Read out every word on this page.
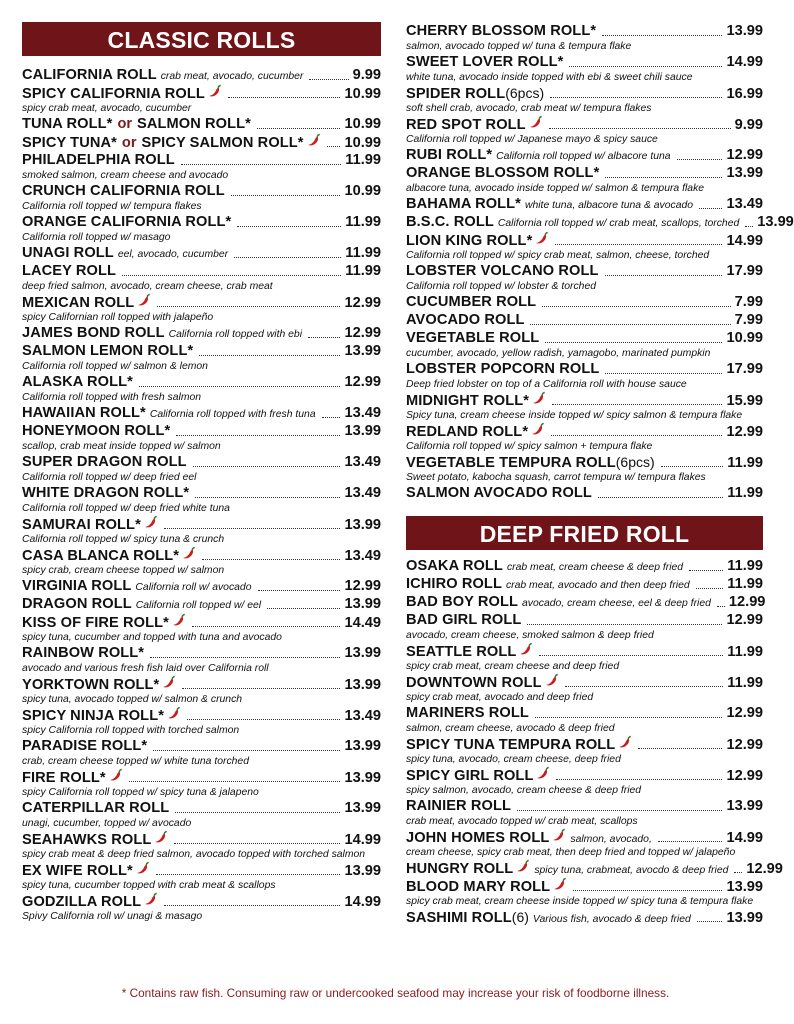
CLASSIC ROLLS
CALIFORNIA ROLL crab meat, avocado, cucumber	9.99
SPICY CALIFORNIA ROLL	10.99
spicy crab meat, avocado, cucumber
TUNA ROLL* or SALMON ROLL*	10.99
SPICY TUNA* or SPICY SALMON ROLL*	10.99
PHILADELPHIA ROLL	11.99
smoked salmon, cream cheese and avocado
CRUNCH CALIFORNIA ROLL	10.99
California roll topped w/ tempura flakes
ORANGE CALIFORNIA ROLL*	11.99
California roll topped w/ masago
UNAGI ROLL eel, avocado, cucumber	11.99
LACEY ROLL	11.99
deep fried salmon, avocado, cream cheese, crab meat
MEXICAN ROLL	12.99
spicy Californian roll topped with jalapeño
JAMES BOND ROLL California roll topped with ebi	12.99
SALMON LEMON ROLL*	13.99
California roll topped w/ salmon & lemon
ALASKA ROLL*	12.99
California roll topped with fresh salmon
HAWAIIAN ROLL* California roll topped with fresh tuna 13.49
HONEYMOON ROLL*	13.99
scallop, crab meat inside topped w/ salmon
SUPER DRAGON ROLL	13.49
California roll topped w/ deep fried eel
WHITE DRAGON ROLL*	13.49
California roll topped w/ deep fried white tuna
SAMURAI ROLL*	13.99
California roll topped w/ spicy tuna & crunch
CASA BLANCA ROLL*	13.49
spicy crab, cream cheese topped w/ salmon
VIRGINIA ROLL California roll w/ avocado	12.99
DRAGON ROLL California roll topped w/ eel	13.99
KISS OF FIRE ROLL*	14.49
spicy tuna, cucumber and topped with tuna and avocado
RAINBOW ROLL*	13.99
avocado and various fresh fish laid over California roll
YORKTOWN ROLL*	13.99
spicy tuna, avocado topped w/ salmon & crunch
SPICY NINJA ROLL*	13.49
spicy California roll topped with torched salmon
PARADISE ROLL*	13.99
crab, cream cheese topped w/ white tuna torched
FIRE ROLL*	13.99
spicy California roll topped w/ spicy tuna & jalapeno
CATERPILLAR ROLL	13.99
unagi, cucumber, topped w/ avocado
SEAHAWKS ROLL	14.99
spicy crab meat & deep fried salmon, avocado topped with torched salmon
EX WIFE ROLL*	13.99
spicy tuna, cucumber topped with crab meat & scallops
GODZILLA ROLL	14.99
Spivy California roll w/ unagi & masago
CHERRY BLOSSOM ROLL*	13.99
salmon, avocado topped w/ tuna & tempura flake
SWEET LOVER ROLL*	14.99
white tuna, avocado inside topped with ebi & sweet chili sauce
SPIDER ROLL (6pcs)	16.99
soft shell crab, avocado, crab meat w/ tempura flakes
RED SPOT ROLL	9.99
California roll topped w/ Japanese mayo & spicy sauce
RUBI ROLL* California roll topped w/ albacore tuna	12.99
ORANGE BLOSSOM ROLL*	13.99
albacore tuna, avocado inside topped w/ salmon & tempura flake
BAHAMA ROLL* white tuna, albacore tuna & avocado 13.49
B.S.C. ROLL California roll topped w/ crab meat, scallops, torched 13.99
LION KING ROLL*	14.99
California roll topped w/ spicy crab meat, salmon, cheese, torched
LOBSTER VOLCANO ROLL	17.99
California roll topped w/ lobster & torched
CUCUMBER ROLL	7.99
AVOCADO ROLL	7.99
VEGETABLE ROLL	10.99
cucumber, avocado, yellow radish, yamagobo, marinated pumpkin
LOBSTER POPCORN ROLL	17.99
Deep fried lobster on top of a California roll with house sauce
MIDNIGHT ROLL*	15.99
Spicy tuna, cream cheese inside topped w/ spicy salmon & tempura flake
REDLAND ROLL*	12.99
California roll topped w/ spicy salmon + tempura flake
VEGETABLE TEMPURA ROLL (6pcs)	11.99
Sweet potato, kabocha squash, carrot tempura w/ tempura flakes
SALMON AVOCADO ROLL	11.99
DEEP FRIED ROLL
OSAKA ROLL crab meat, cream cheese & deep fried	11.99
ICHIRO ROLL crab meat, avocado and then deep fried	11.99
BAD BOY ROLL avocado, cream cheese, eel & deep fried 12.99
BAD GIRL ROLL	12.99
avocado, cream cheese, smoked salmon & deep fried
SEATTLE ROLL	11.99
spicy crab meat, cream cheese and deep fried
DOWNTOWN ROLL	11.99
spicy crab meat, avocado and deep fried
MARINERS ROLL	12.99
salmon, cream cheese, avocado & deep fried
SPICY TUNA TEMPURA ROLL	12.99
spicy tuna, avocado, cream cheese, deep fried
SPICY GIRL ROLL	12.99
spicy salmon, avocado, cream cheese & deep fried
RAINIER ROLL	13.99
crab meat, avocado topped w/ crab meat, scallops
JOHN HOMES ROLL salmon, avocado,	14.99
cream cheese, spicy crab meat, then deep fried and topped w/ jalapeño
HUNGRY ROLL spicy tuna, crabmeat, avocdo & deep fried 12.99
BLOOD MARY ROLL	13.99
spicy crab meat, cream cheese inside topped w/ spicy tuna & tempura flake
SASHIMI ROLL (6) Various fish, avocado & deep fried 13.99
* Contains raw fish. Consuming raw or undercooked seafood may increase your risk of foodborne illness.
